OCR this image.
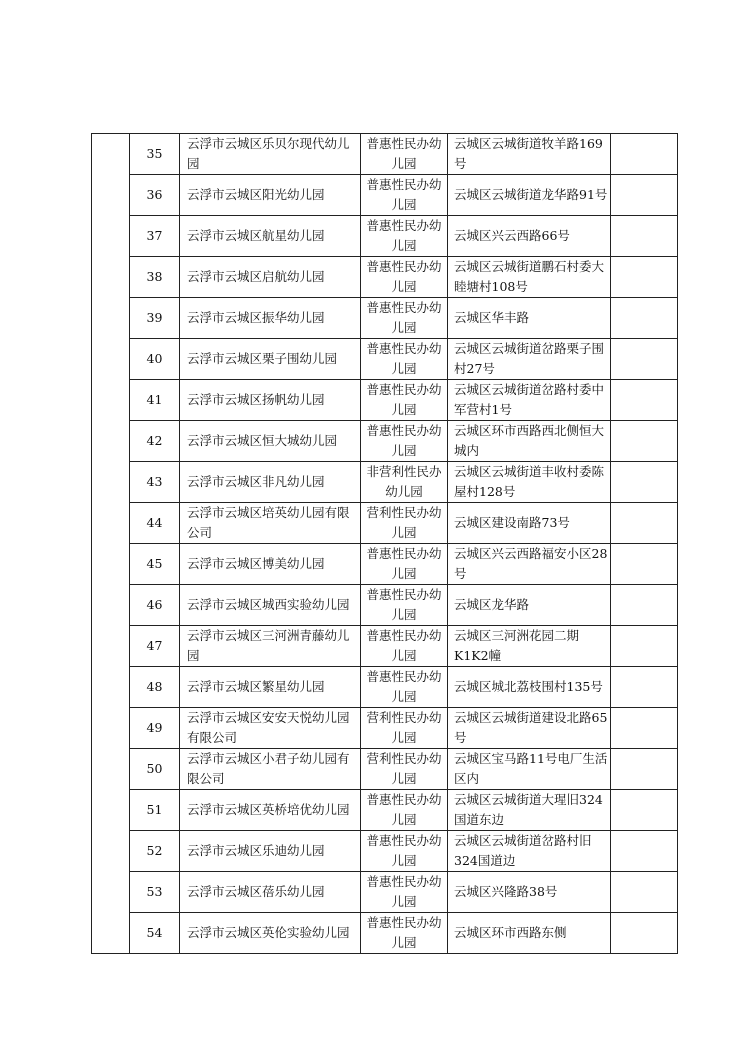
	35	云浮市云城区乐贝尔现代幼儿园	普惠性民办幼儿园	云城区云城街道牧羊路169号	
	36	云浮市云城区阳光幼儿园	普惠性民办幼儿园	云城区云城街道龙华路91号	
	37	云浮市云城区航星幼儿园	普惠性民办幼儿园	云城区兴云西路66号	
	38	云浮市云城区启航幼儿园	普惠性民办幼儿园	云城区云城街道鹏石村委大睦塘村108号	
	39	云浮市云城区振华幼儿园	普惠性民办幼儿园	云城区华丰路	
	40	云浮市云城区栗子围幼儿园	普惠性民办幼儿园	云城区云城街道岔路栗子围村27号	
	41	云浮市云城区扬帆幼儿园	普惠性民办幼儿园	云城区云城街道岔路村委中军营村1号	
	42	云浮市云城区恒大城幼儿园	普惠性民办幼儿园	云城区环市西路西北侧恒大城内	
	43	云浮市云城区非凡幼儿园	非营利性民办幼儿园	云城区云城街道丰收村委陈屋村128号	
	44	云浮市云城区培英幼儿园有限公司	营利性民办幼儿园	云城区建设南路73号	
	45	云浮市云城区博美幼儿园	普惠性民办幼儿园	云城区兴云西路福安小区28号	
	46	云浮市云城区城西实验幼儿园	普惠性民办幼儿园	云城区龙华路	
	47	云浮市云城区三河洲青藤幼儿园	普惠性民办幼儿园	云城区三河洲花园二期K1K2幢	
	48	云浮市云城区繁星幼儿园	普惠性民办幼儿园	云城区城北荔枝围村135号	
	49	云浮市云城区安安天悦幼儿园有限公司	营利性民办幼儿园	云城区云城街道建设北路65号	
	50	云浮市云城区小君子幼儿园有限公司	营利性民办幼儿园	云城区宝马路11号电厂生活区内	
	51	云浮市云城区英桥培优幼儿园	普惠性民办幼儿园	云城区云城街道大瑆旧324国道东边	
	52	云浮市云城区乐迪幼儿园	普惠性民办幼儿园	云城区云城街道岔路村旧324国道边	
	53	云浮市云城区蓓乐幼儿园	普惠性民办幼儿园	云城区兴隆路38号	
	54	云浮市云城区英伦实验幼儿园	普惠性民办幼儿园	云城区环市西路东侧	
